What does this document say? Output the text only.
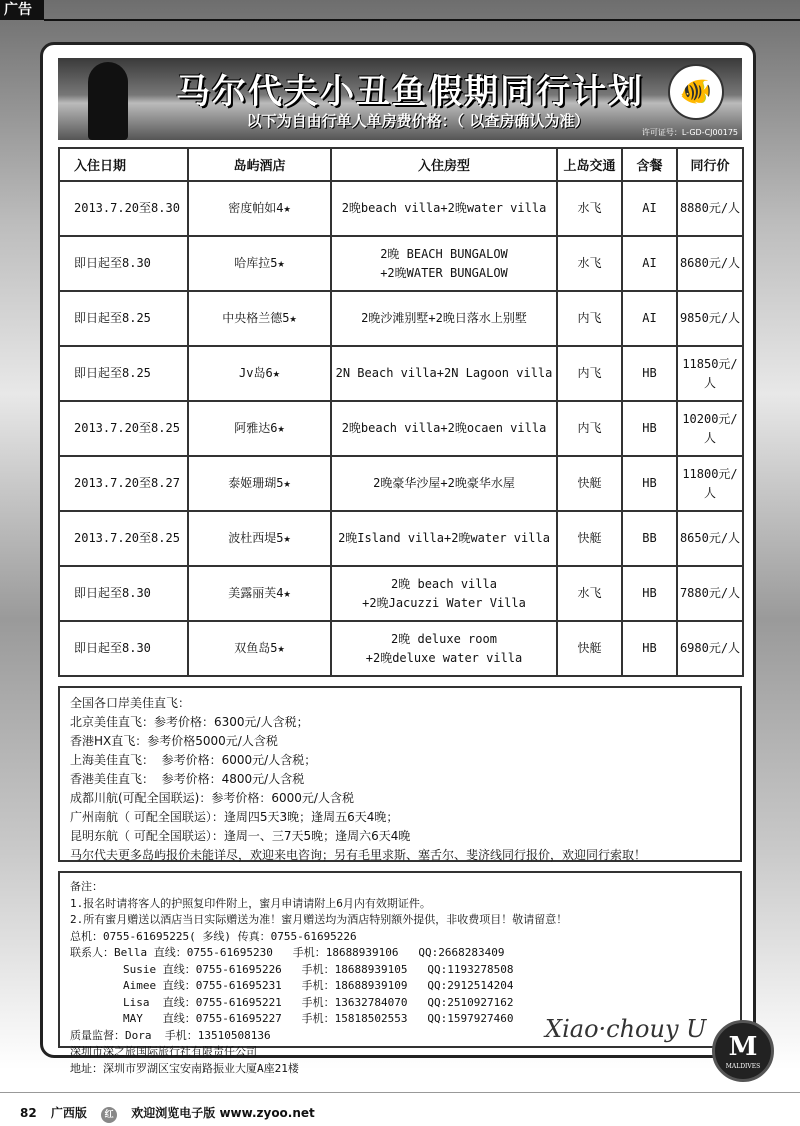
广告
马尔代夫小丑鱼假期同行计划
以下为自由行单人单房费价格：（ 以查房确认为准）
🐠
许可证号：L-GD-CJ00175
入住日期	岛屿酒店	入住房型	上岛交通	含餐	同行价
2013.7.20至8.30	密度帕如4★	2晚beach villa+2晚water villa	水飞	AI	8880元/人
即日起至8.30	哈库拉5★	2晚 BEACH BUNGALOW
+2晚WATER BUNGALOW	水飞	AI	8680元/人
即日起至8.25	中央格兰德5★	2晚沙滩别墅+2晚日落水上别墅	内飞	AI	9850元/人
即日起至8.25	Jv岛6★	2N Beach villa+2N Lagoon villa	内飞	HB	11850元/人
2013.7.20至8.25	阿雅达6★	2晚beach villa+2晚ocaen villa	内飞	HB	10200元/人
2013.7.20至8.27	泰姬珊瑚5★	2晚豪华沙屋+2晚豪华水屋	快艇	HB	11800元/人
2013.7.20至8.25	波杜西堤5★	2晚Island villa+2晚water villa	快艇	BB	8650元/人
即日起至8.30	美露丽芙4★	2晚 beach villa
+2晚Jacuzzi Water Villa	水飞	HB	7880元/人
即日起至8.30	双鱼岛5★	2晚 deluxe room
+2晚deluxe water villa	快艇	HB	6980元/人
全国各口岸美佳直飞：
北京美佳直飞：参考价格：6300元/人含税；
香港HX直飞：参考价格5000元/人含税
上海美佳直飞：  参考价格：6000元/人含税；
香港美佳直飞：  参考价格：4800元/人含税
成都川航(可配全国联运)：参考价格：6000元/人含税
广州南航（ 可配全国联运）：逢周四5天3晚；逢周五6天4晚；
昆明东航（ 可配全国联运）：逢周一、三7天5晚；逢周六6天4晚
马尔代夫更多岛屿报价未能详尽，欢迎来电咨询；另有毛里求斯、塞舌尔、斐济线同行报价，欢迎同行索取！
备注：
1.报名时请将客人的护照复印件附上，蜜月申请请附上6月内有效期证件。
2.所有蜜月赠送以酒店当日实际赠送为准！蜜月赠送均为酒店特别额外提供，非收费项目！敬请留意！
总机：0755-61695225( 多线) 传真：0755-61695226
联系人：Bella 直线：0755-61695230   手机：18688939106   QQ:2668283409
Susie 直线：0755-61695226   手机：18688939105   QQ:1193278508
Aimee 直线：0755-61695231   手机：18688939109   QQ:2912514204
Lisa  直线：0755-61695221   手机：13632784070   QQ:2510927162
MAY   直线：0755-61695227   手机：15818502553   QQ:1597927460
质量监督：Dora  手机：13510508136
深圳市深之旅国际旅行社有限责任公司
地址：深圳市罗湖区宝安南路振业大厦A座21楼
Xiao·chouy U
M
MALDIVES
82 广西版 红 欢迎浏览电子版 www.zyoo.net
